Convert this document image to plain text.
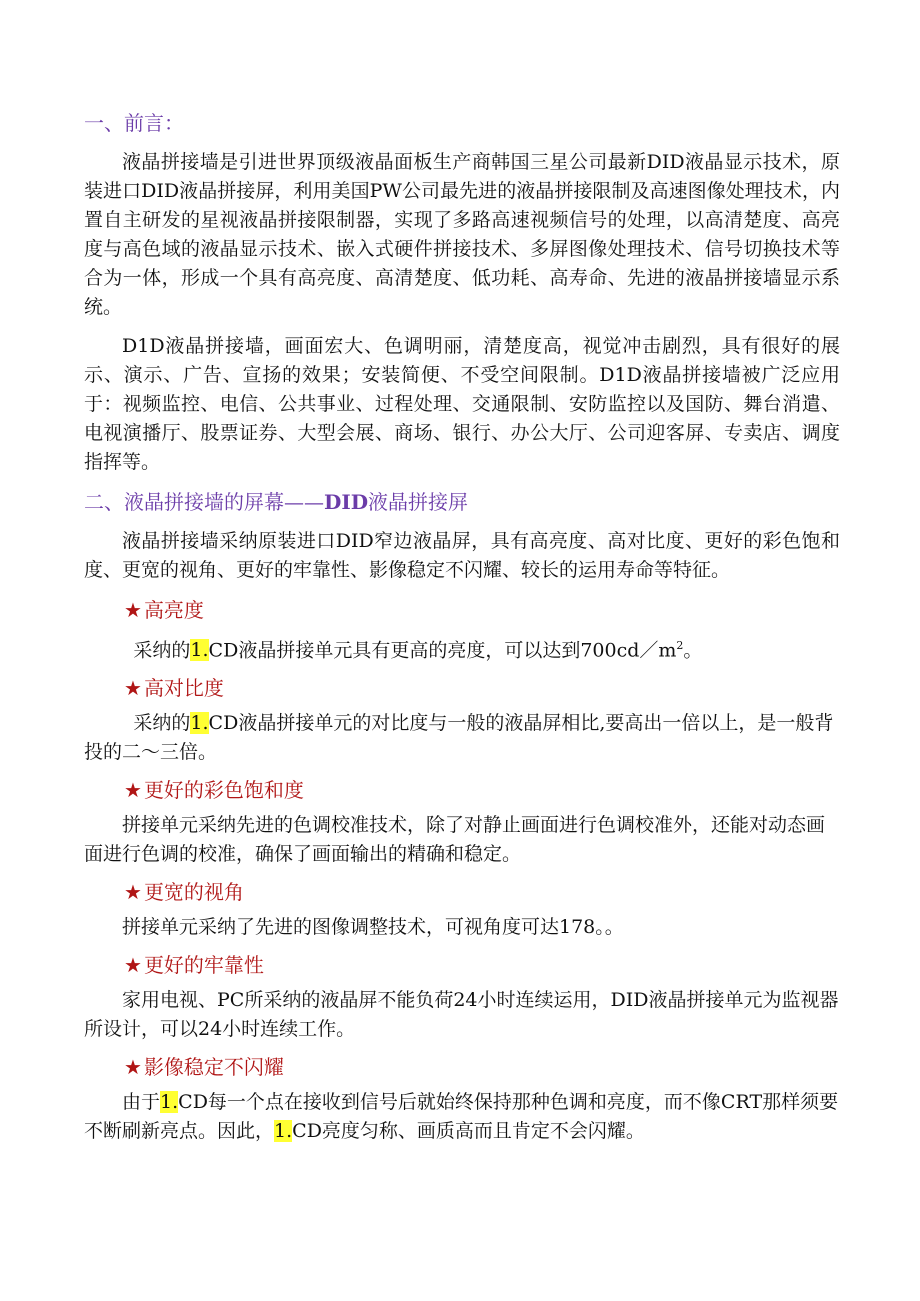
一、前言：

液晶拼接墙是引进世界顶级液晶面板生产商韩国三星公司最新DID液晶显示技术，原装进口DID液晶拼接屏，利用美国PW公司最先进的液晶拼接限制及高速图像处理技术，内置自主研发的星视液晶拼接限制器，实现了多路高速视频信号的处理，以高清楚度、高亮度与高色域的液晶显示技术、嵌入式硬件拼接技术、多屏图像处理技术、信号切换技术等合为一体，形成一个具有高亮度、高清楚度、低功耗、高寿命、先进的液晶拼接墙显示系统。

D1D液晶拼接墙，画面宏大、色调明丽，清楚度高，视觉冲击剧烈，具有很好的展示、演示、广告、宣扬的效果；安装简便、不受空间限制。D1D液晶拼接墙被广泛应用于：视频监控、电信、公共事业、过程处理、交通限制、安防监控以及国防、舞台消遣、电视演播厅、股票证券、大型会展、商场、银行、办公大厅、公司迎客屏、专卖店、调度指挥等。

二、液晶拼接墙的屏幕——DID液晶拼接屏

液晶拼接墙采纳原装进口DID窄边液晶屏，具有高亮度、高对比度、更好的彩色饱和度、更宽的视角、更好的牢靠性、影像稳定不闪耀、较长的运用寿命等特征。

★ 高亮度

采纳的1.CD液晶拼接单元具有更高的亮度，可以达到$700cd/m^2$。

★ 高对比度

采纳的1.CD液晶拼接单元的对比度与一般的液晶屏相比,要高出一倍以上，是一般背投的二～三倍。

★ 更好的彩色饱和度

拼接单元采纳先进的色调校准技术，除了对静止画面进行色调校准外，还能对动态画面进行色调的校准，确保了画面输出的精确和稳定。

★ 更宽的视角

拼接单元采纳了先进的图像调整技术，可视角度可达178。。

★ 更好的牢靠性

家用电视、PC所采纳的液晶屏不能负荷24小时连续运用，DID液晶拼接单元为监视器所设计，可以24小时连续工作。

★ 影像稳定不闪耀

由于1.CD每一个点在接收到信号后就始终保持那种色调和亮度，而不像CRT那样须要不断刷新亮点。因此，1.CD亮度匀称、画质高而且肯定不会闪耀。
